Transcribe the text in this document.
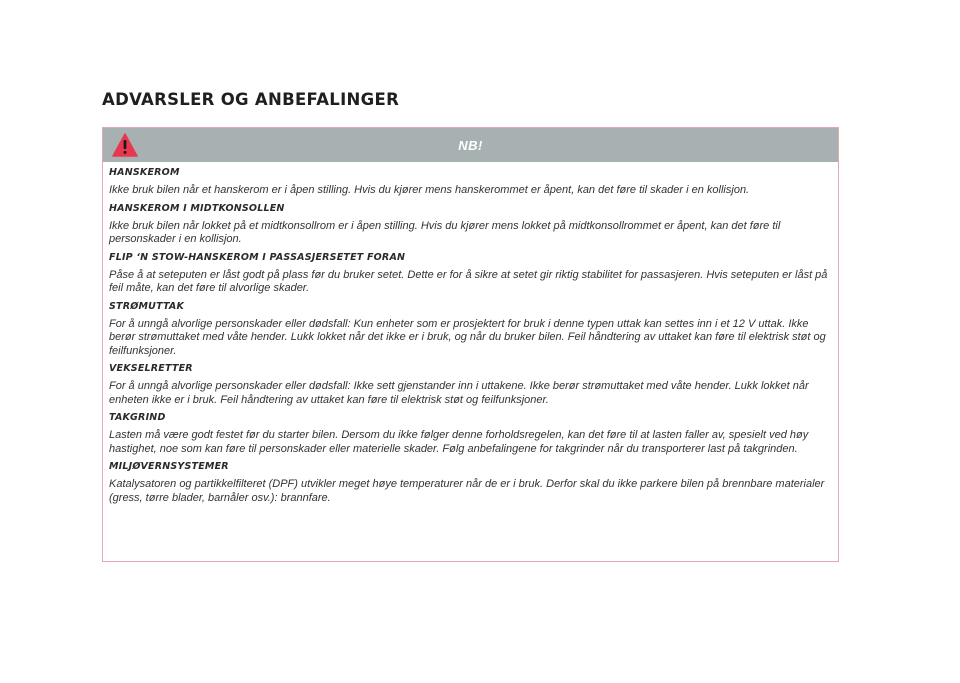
ADVARSLER OG ANBEFALINGER
NB!
HANSKEROM

Ikke bruk bilen når et hanskerom er i åpen stilling. Hvis du kjører mens hanskerommet er åpent, kan det føre til skader i en kollisjon.

HANSKEROM I MIDTKONSOLLEN

Ikke bruk bilen når lokket på et midtkonsollrom er i åpen stilling. Hvis du kjører mens lokket på midtkonsollrommet er åpent, kan det føre til personskader i en kollisjon.

FLIP ‘N STOW-HANSKEROM I PASSASJERSETET FORAN

Påse å at seteputen er låst godt på plass før du bruker setet. Dette er for å sikre at setet gir riktig stabilitet for passasjeren. Hvis seteputen er låst på feil måte, kan det føre til alvorlige skader.

STRØMUTTAK

For å unngå alvorlige personskader eller dødsfall: Kun enheter som er prosjektert for bruk i denne typen uttak kan settes inn i et 12 V uttak. Ikke berør strømuttaket med våte hender. Lukk lokket når det ikke er i bruk, og når du bruker bilen. Feil håndtering av uttaket kan føre til elektrisk støt og feilfunksjoner.

VEKSELRETTER

For å unngå alvorlige personskader eller dødsfall: Ikke sett gjenstander inn i uttakene. Ikke berør strømuttaket med våte hender. Lukk lokket når enheten ikke er i bruk. Feil håndtering av uttaket kan føre til elektrisk støt og feilfunksjoner.

TAKGRIND

Lasten må være godt festet før du starter bilen. Dersom du ikke følger denne forholdsregelen, kan det føre til at lasten faller av, spesielt ved høy hastighet, noe som kan føre til personskader eller materielle skader. Følg anbefalingene for takgrinder når du transporterer last på takgrinden.

MILJØVERNSYSTEMER

Katalysatoren og partikkelfilteret (DPF) utvikler meget høye temperaturer når de er i bruk. Derfor skal du ikke parkere bilen på brennbare materialer (gress, tørre blader, barnåler osv.): brannfare.
